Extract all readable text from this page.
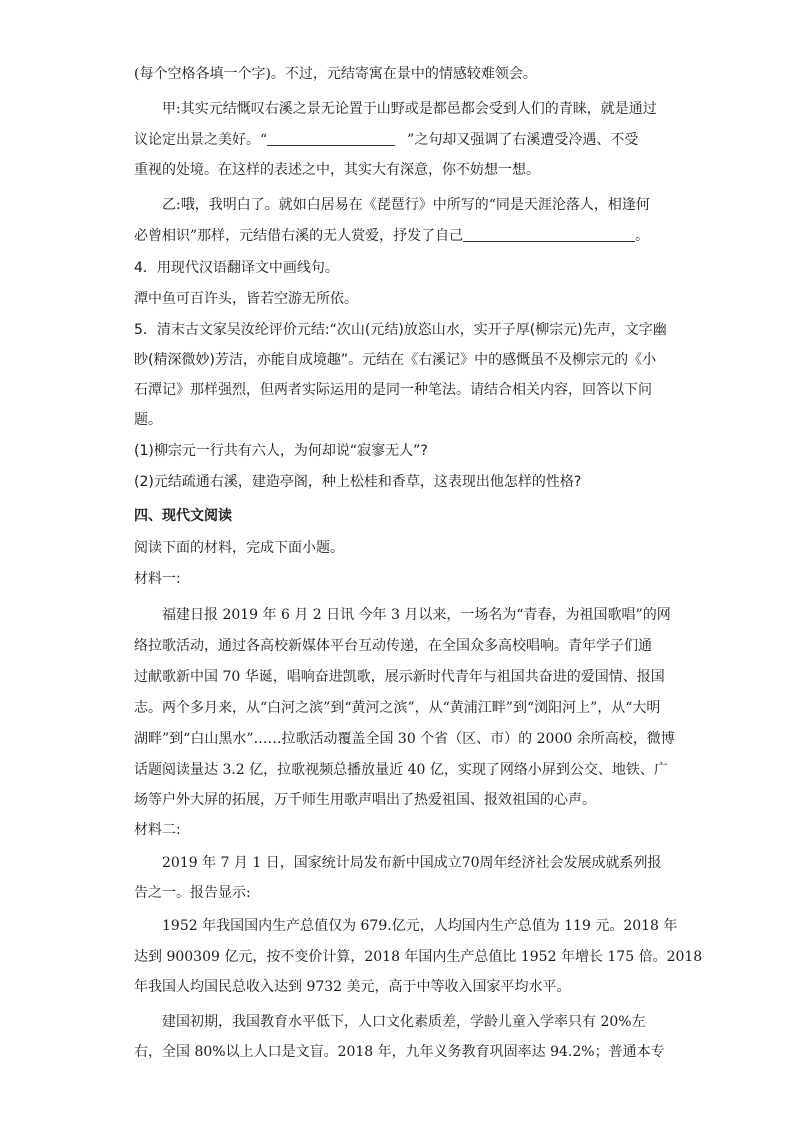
(每个空格各填一个字)。不过，元结寄寓在景中的情感较难领会。
甲:其实元结慨叹右溪之景无论置于山野或是都邑都会受到人们的青睐，就是通过
议论定出景之美好。“	”之句却又强调了右溪遭受冷遇、不受
重视的处境。在这样的表述之中，其实大有深意，你不妨想一想。
乙:哦，我明白了。就如白居易在《琵琶行》中所写的“同是天涯沦落人，相逢何
必曾相识”那样，元结借右溪的无人赏爱，抒发了自己	。
4．用现代汉语翻译文中画线句。
潭中鱼可百许头，皆若空游无所依。
5．清末古文家吴汝纶评价元结:“次山(元结)放恣山水，实开子厚(柳宗元)先声，文字幽
眇(精深微妙)芳洁，亦能自成境趣”。元结在《右溪记》中的感慨虽不及柳宗元的《小
石潭记》那样强烈，但两者实际运用的是同一种笔法。请结合相关内容，回答以下问
题。
(1)柳宗元一行共有六人，为何却说“寂寥无人”?
(2)元结疏通右溪，建造亭阁，种上松桂和香草，这表现出他怎样的性格?
四、现代文阅读
阅读下面的材料，完成下面小题。
材料一:
福建日报 2019 年 6 月 2 日讯 今年 3 月以来，一场名为“青春，为祖国歌唱”的网
络拉歌活动，通过各高校新媒体平台互动传递，在全国众多高校唱响。青年学子们通
过献歌新中国 70 华诞，唱响奋进凯歌，展示新时代青年与祖国共奋进的爱国情、报国
志。两个多月来，从“白河之滨”到“黄河之滨”，从“黄浦江畔”到“浏阳河上”，从“大明
湖畔”到“白山黑水”……拉歌活动覆盖全国 30 个省（区、市）的 2000 余所高校，微博
话题阅读量达 3.2 亿，拉歌视频总播放量近 40 亿，实现了网络小屏到公交、地铁、广
场等户外大屏的拓展，万千师生用歌声唱出了热爱祖国、报效祖国的心声。
材料二:
2019 年 7 月 1 日，国家统计局发布新中国成立70周年经济社会发展成就系列报
告之一。报告显示:
1952 年我国国内生产总值仅为 679.亿元，人均国内生产总值为 119 元。2018 年
达到 900309 亿元，按不变价计算，2018 年国内生产总值比 1952 年增长 175 倍。2018
年我国人均国民总收入达到 9732 美元，高于中等收入国家平均水平。
建国初期，我国教育水平低下，人口文化素质差，学龄儿童入学率只有 20%左
右，全国 80%以上人口是文盲。2018 年，九年义务教育巩固率达 94.2%；普通本专
